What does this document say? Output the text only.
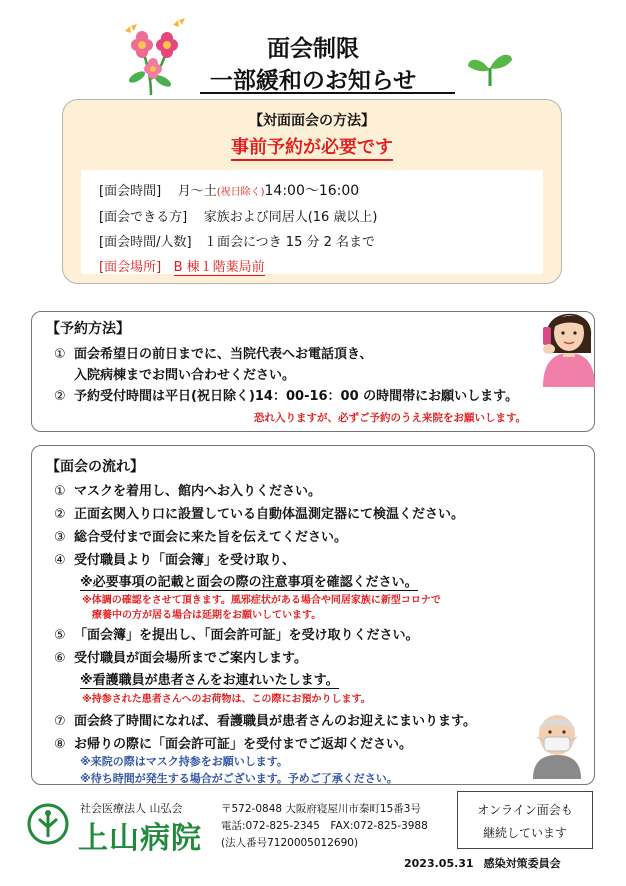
面会制限
一部緩和のお知らせ
【対面面会の方法】
事前予約が必要です
[面会時間] 月～土(祝日除く)14:00～16:00
[面会できる方] 家族および同居人(16 歳以上)
[面会時間/人数] １面会につき 15 分 2 名まで
[面会場所] B 棟１階薬局前
【予約方法】
① 面会希望日の前日までに、当院代表へお電話頂き、
入院病棟までお問い合わせください。
② 予約受付時間は平日(祝日除く)14：00-16：00 の時間帯にお願いします。
恐れ入りますが、必ずご予約のうえ来院をお願いします。
【面会の流れ】
① マスクを着用し、館内へお入りください。
② 正面玄関入り口に設置している自動体温測定器にて検温ください。
③ 総合受付まで面会に来た旨を伝えてください。
④ 受付職員より「面会簿」を受け取り、
※必要事項の記載と面会の際の注意事項を確認ください。
※体調の確認をさせて頂きます。風邪症状がある場合や同居家族に新型コロナで
療養中の方が居る場合は延期をお願いしています。
⑤ 「面会簿」を提出し、「面会許可証」を受け取りください。
⑥ 受付職員が面会場所までご案内します。
※看護職員が患者さんをお連れいたします。
※持参された患者さんへのお荷物は、この際にお預かりします。
⑦ 面会終了時間になれば、看護職員が患者さんのお迎えにまいります。
⑧ お帰りの際に「面会許可証」を受付までご返却ください。
※来院の際はマスク持参をお願いします。
※待ち時間が発生する場合がございます。予めご了承ください。
社会医療法人 山弘会
上山病院
〒572-0848 大阪府寝屋川市秦町15番3号
電話:072-825-2345　FAX:072-825-3988
(法人番号7120005012690)
オンライン面会も
継続しています
2023.05.31 感染対策委員会
